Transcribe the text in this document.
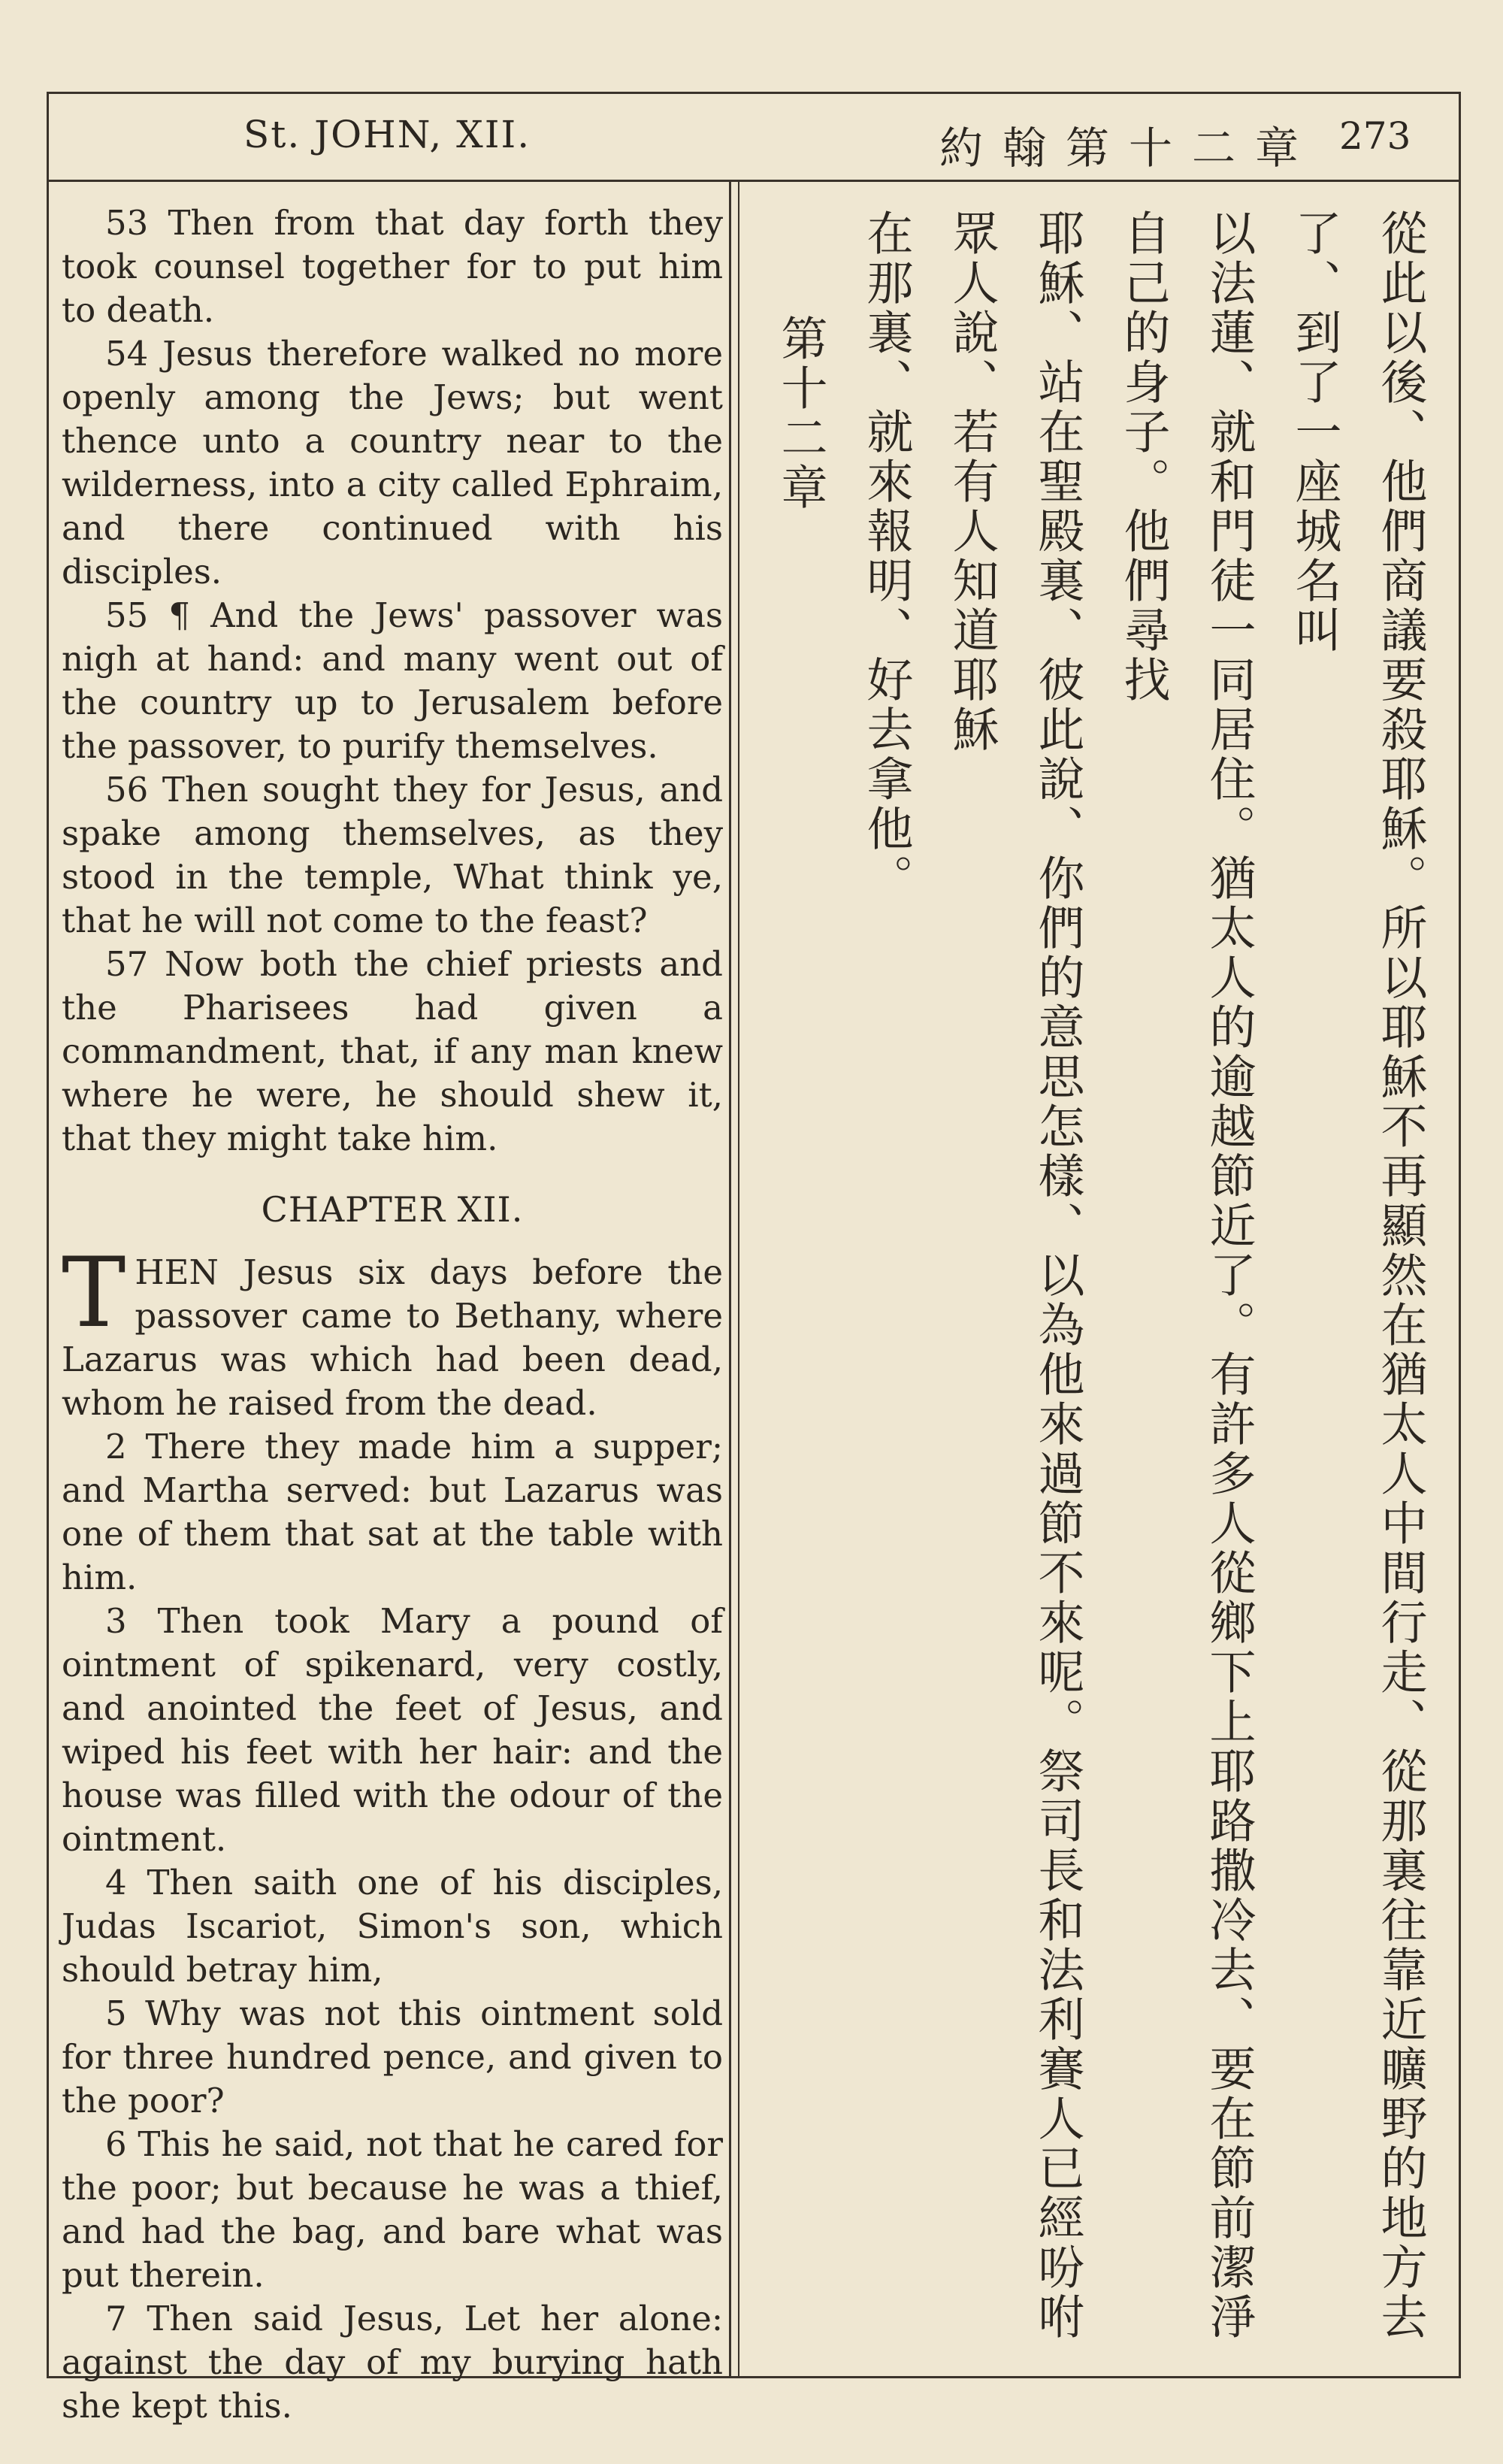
St. JOHN, XII.	約翰第十二章 273

53 Then from that day forth they took counsel together for to put him to death.

54 Jesus therefore walked no more openly among the Jews; but went thence unto a country near to the wilderness, into a city called Ephraim, and there continued with his disciples.

55 ¶ And the Jews' passover was nigh at hand: and many went out of the country up to Jerusalem before the passover, to purify themselves.

56 Then sought they for Jesus, and spake among themselves, as they stood in the temple, What think ye, that he will not come to the feast?

57 Now both the chief priests and the Pharisees had given a commandment, that, if any man knew where he were, he should shew it, that they might take him.

CHAPTER XII.

THEN Jesus six days before the passover came to Bethany, where Lazarus was which had been dead, whom he raised from the dead.

2 There they made him a supper; and Martha served: but Lazarus was one of them that sat at the table with him.

3 Then took Mary a pound of ointment of spikenard, very costly, and anointed the feet of Jesus, and wiped his feet with her hair: and the house was filled with the odour of the ointment.

4 Then saith one of his disciples, Judas Iscariot, Simon's son, which should betray him,

5 Why was not this ointment sold for three hundred pence, and given to the poor?

6 This he said, not that he cared for the poor; but because he was a thief, and had the bag, and bare what was put therein.

7 Then said Jesus, Let her alone: against the day of my burying hath she kept this.

從此以後、他們商議要殺耶穌。所以耶穌不再顯然在猶太人中間行走、從那裏往靠近曠野的地方去了、到了一座城名叫
以法蓮、就和門徒一同居住。猶太人的逾越節近了。有許多人從鄉下上耶路撒冷去、要在節前潔淨自己的身子。他們尋找
耶穌、站在聖殿裏、彼此說、你們的意思怎樣、以為他來過節不來呢。祭司長和法利賽人已經吩咐眾人說、若有人知道耶穌
在那裏、就來報明、好去拿他。
第十二章
